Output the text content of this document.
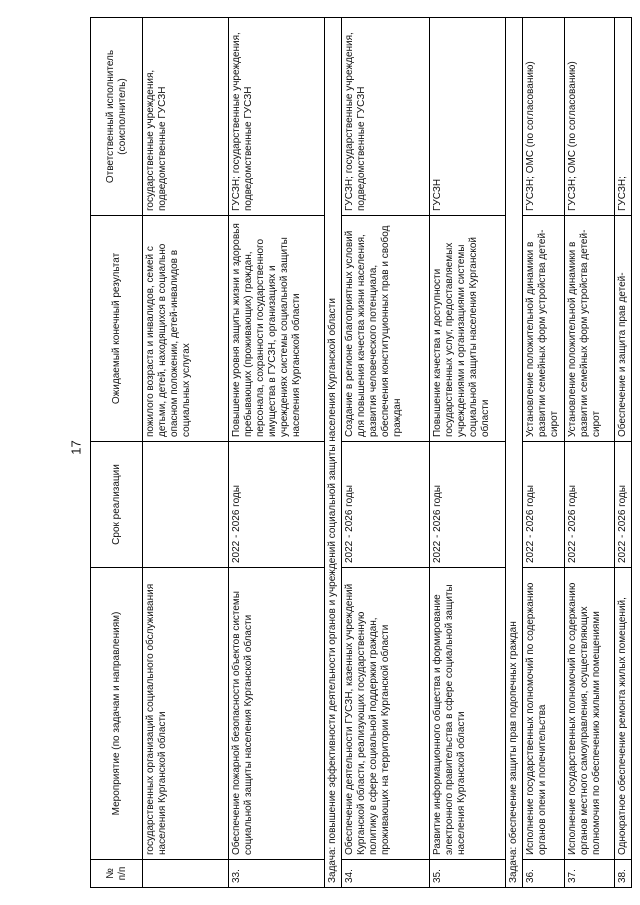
17
№ п/п	Мероприятие (по задачам и направлениям)	Срок реализации	Ожидаемый конечный результат	Ответственный исполнитель (соисполнитель)
	государственных организаций социального обслуживания населения Курганской области		пожилого возраста и инвалидов, семей с детьми, детей, находящихся в социально опасном положении, детей-инвалидов в социальных услугах	государственные учреждения, подведомственные ГУСЗН
33.	Обеспечение пожарной безопасности объектов системы социальной защиты населения Курганской области	2022 - 2026 годы	Повышение уровня защиты жизни и здоровья пребывающих (проживающих) граждан, персонала, сохранности государственного имущества в ГУСЗН, организациях и учреждениях системы социальной защиты населения Курганской области	ГУСЗН; государственные учреждения, подведомственные ГУСЗН
Задача: повышение эффективности деятельности органов и учреждений социальной защиты населения Курганской области				
34.	Обеспечение деятельности ГУСЗН, казенных учреждений Курганской области, реализующих государственную политику в сфере социальной поддержки граждан, проживающих на территории Курганской области	2022 - 2026 годы	Создание в регионе благоприятных условий для повышения качества жизни населения, развития человеческого потенциала, обеспечения конституционных прав и свобод граждан	ГУСЗН; государственные учреждения, подведомственные ГУСЗН
35.	Развитие информационного общества и формирование электронного правительства в сфере социальной защиты населения Курганской области	2022 - 2026 годы	Повышение качества и доступности государственных услуг, предоставляемых учреждениями и организациями системы социальной защиты населения Курганской области	ГУСЗН
Задача: обеспечение защиты прав подопечных граждан				
36.	Исполнение государственных полномочий по содержанию органов опеки и попечительства	2022 - 2026 годы	Установление положительной динамики в развитии семейных форм устройства детей-сирот	ГУСЗН; ОМС (по согласованию)
37.	Исполнение государственных полномочий по содержанию органов местного самоуправления, осуществляющих полномочия по обеспечению жилыми помещениями	2022 - 2026 годы	Установление положительной динамики в развитии семейных форм устройства детей-сирот	ГУСЗН; ОМС (по согласованию)
38.	Однократное обеспечение ремонта жилых помещений,	2022 - 2026 годы	Обеспечение и защита прав детей-	ГУСЗН;
